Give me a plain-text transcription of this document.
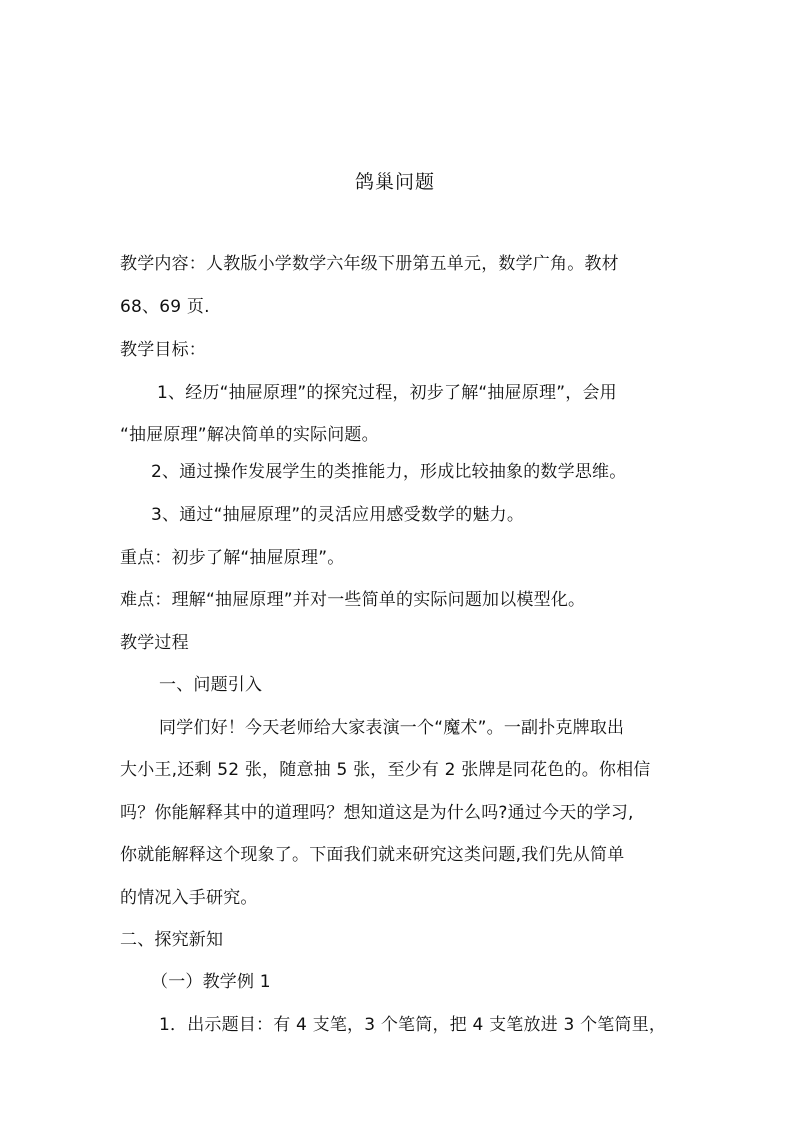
鸽巢问题
教学内容：人教版小学数学六年级下册第五单元，数学广角。教材
68、69 页.
教学目标：
1、经历“抽屉原理”的探究过程，初步了解“抽屉原理”，会用
“抽屉原理”解决简单的实际问题。
2、通过操作发展学生的类推能力，形成比较抽象的数学思维。
3、通过“抽屉原理”的灵活应用感受数学的魅力。
重点：初步了解“抽屉原理”。
难点：理解“抽屉原理”并对一些简单的实际问题加以模型化。
教学过程
一、问题引入
同学们好！今天老师给大家表演一个“魔术”。一副扑克牌取出
大小王,还剩 52 张，随意抽 5 张，至少有 2 张牌是同花色的。你相信
吗？你能解释其中的道理吗？想知道这是为什么吗?通过今天的学习,
你就能解释这个现象了。下面我们就来研究这类问题,我们先从简单
的情况入手研究。
二、探究新知
（一）教学例 1
1．出示题目：有 4 支笔，3 个笔筒，把 4 支笔放进 3 个笔筒里，
